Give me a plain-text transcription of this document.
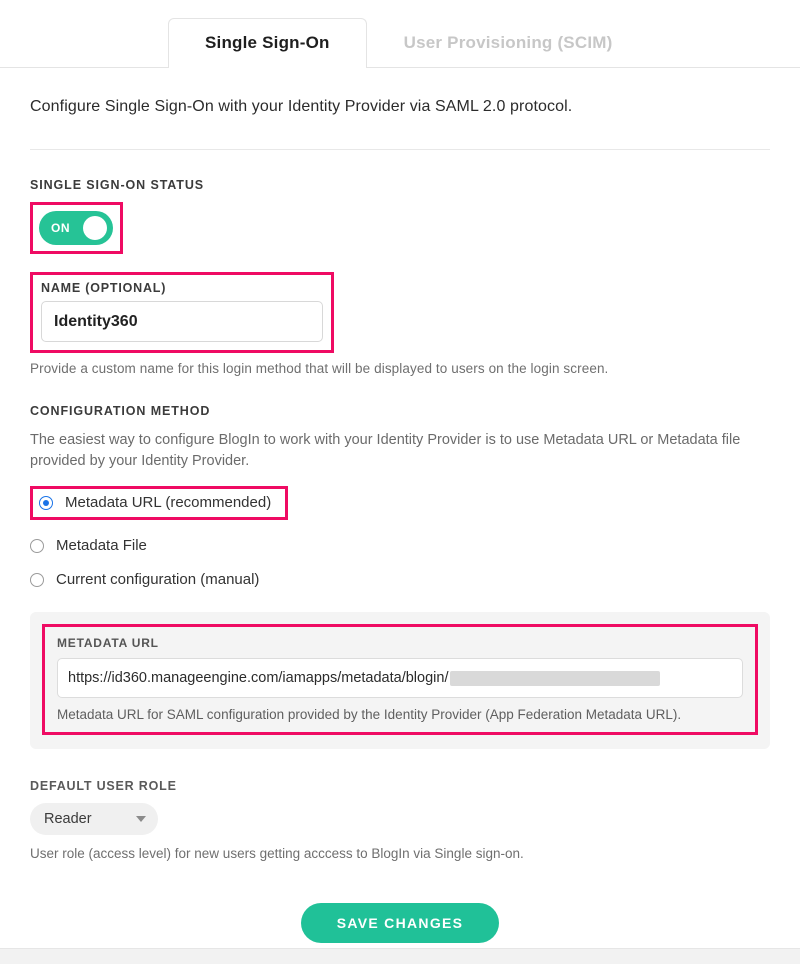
Single Sign-On	User Provisioning (SCIM)
Configure Single Sign-On with your Identity Provider via SAML 2.0 protocol.
SINGLE SIGN-ON STATUS
ON
NAME (OPTIONAL)
Identity360
Provide a custom name for this login method that will be displayed to users on the login screen.
CONFIGURATION METHOD
The easiest way to configure BlogIn to work with your Identity Provider is to use Metadata URL or Metadata file provided by your Identity Provider.
Metadata URL (recommended)
Metadata File
Current configuration (manual)
METADATA URL
https://id360.manageengine.com/iamapps/metadata/blogin/
Metadata URL for SAML configuration provided by the Identity Provider (App Federation Metadata URL).
DEFAULT USER ROLE
Reader
User role (access level) for new users getting acccess to BlogIn via Single sign-on.
SAVE CHANGES
